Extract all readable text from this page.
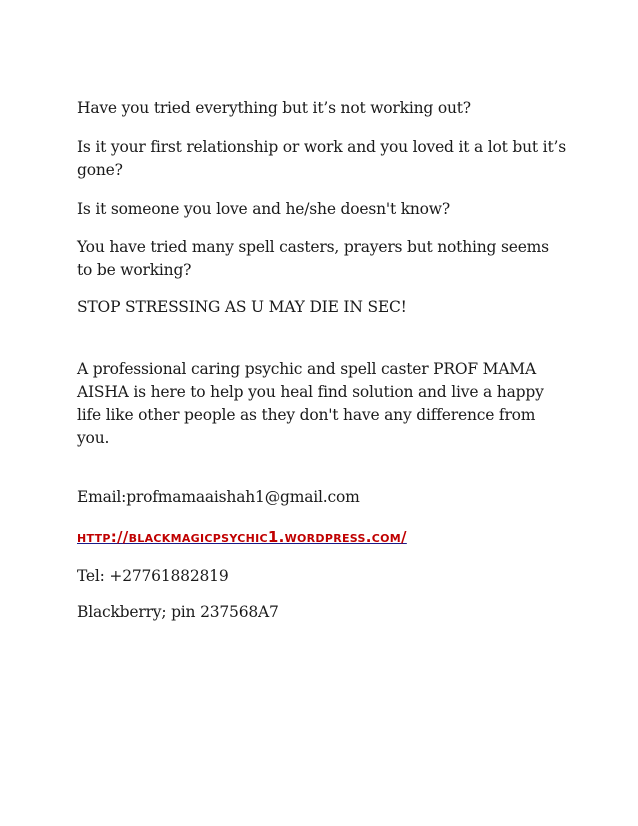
Have you tried everything but it’s not working out?

Is it your first relationship or work and you loved it a lot but it’s gone?

Is it someone you love and he/she doesn't know?

You have tried many spell casters, prayers but nothing seems to be working?

STOP STRESSING AS U MAY DIE IN SEC!

A professional caring psychic and spell caster PROF MAMA AISHA is here to help you heal find solution and live a happy life like other people as they don't have any difference from you.

Email:profmamaaishah1@gmail.com

http://blackmagicpsychic1.wordpress.com/

Tel: +27761882819

Blackberry; pin 237568A7
